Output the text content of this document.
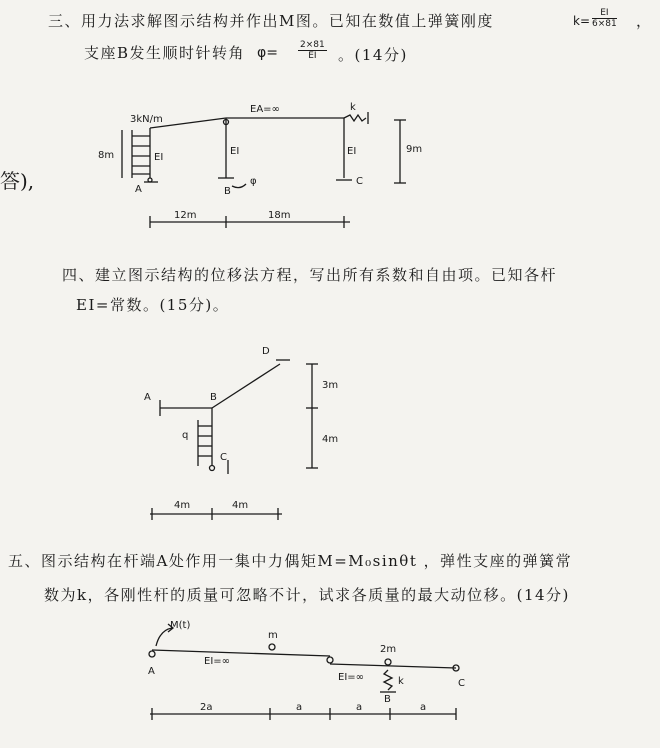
三、用力法求解图示结构并作出M图。已知在数值上弹簧刚度	$k= \frac{EI}{6\times 81}$ ，
支座B发生顺时针转角 $\varphi= \frac{2\times 81}{EI}$ 。(14分)
答),
3kN/m
EA=∞	k
EI
EI	EI
8m
9m
A	B
C
φ
12m	18m
四、建立图示结构的位移法方程，写出所有系数和自由项。已知各杆
EI=常数。(15分)。
A	B
C
D
q
3m
4m
4m	4m
五、图示结构在杆端A处作用一集中力偶矩M=M₀sinθt ，弹性支座的弹簧常
数为k，各刚性杆的质量可忽略不计，试求各质量的最大动位移。(14分)
M(t)
m
2m
EI=∞
EI=∞	k
A
B
C
2a	a	a	a
